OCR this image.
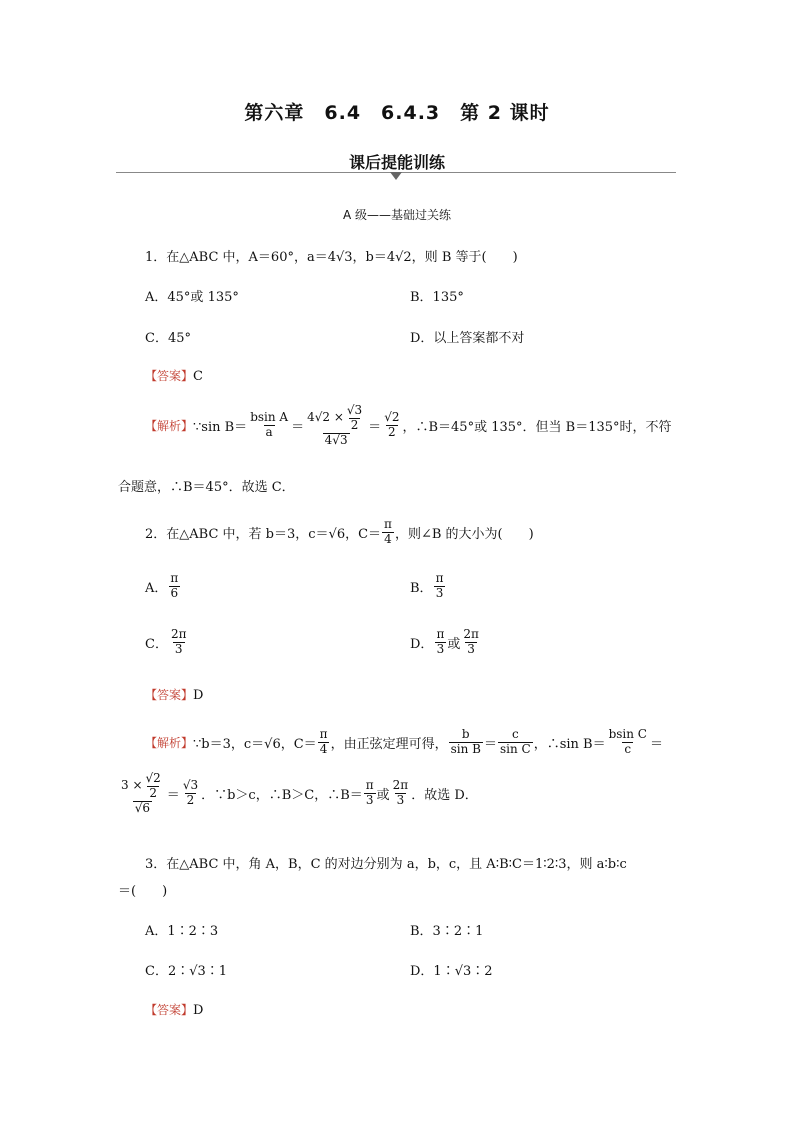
第六章　6.4　6.4.3　第 2 课时
课后提能训练
A 级——基础过关练
1．在△ABC 中，A＝60°，a＝4√3，b＝4√2，则 B 等于(　　)
A．45°或 135°	B．135°
C．45°	D．以上答案都不对
【答案】C
【解析】 ∵sin $B= \frac{\text{bsin A}}{a} = \frac{4√2 \times \frac{√3}{2}}{4√3} = \frac{√2}{2}$ ，∴B＝45°或 135°．但当 B＝135°时，不符
合题意，∴B＝45°．故选 C．
2．在△ABC 中，若 b＝3，c＝√6，$C= \frac{\pi}{4}$ ，则∠B 的大小为(　　)
A． $\frac{\pi}{6}$	B． $\frac{\pi}{3}$
C． $\frac{2\pi}{3}$	D． $\frac{\pi}{3}$ 或 $\frac{2\pi}{3}$
【答案】D
【解析】 ∵b＝3，c＝√6，$C= \frac{\pi}{4}$ ，由正弦定理可得， $\frac{b}{\text{sin B}} = \frac{c}{\text{sin C}}$ ，∴sin $B= \frac{\text{bsin C}}{c}$ ＝
$\frac{3 \times \frac{√2}{2}}{√6} = \frac{√3}{2}$ ．∵b＞c，∴B＞C，∴B＝ $\frac{\pi}{3}$ 或 $\frac{2\pi}{3}$ ．故选 D．
3．在△ABC 中，角 A，B，C 的对边分别为 a，b，c，且 A∶B∶C＝1∶2∶3，则 a∶b∶c
＝(　　)
A．1∶2∶3	B．3∶2∶1
C．2∶√3∶1	D．1∶√3∶2
【答案】D
